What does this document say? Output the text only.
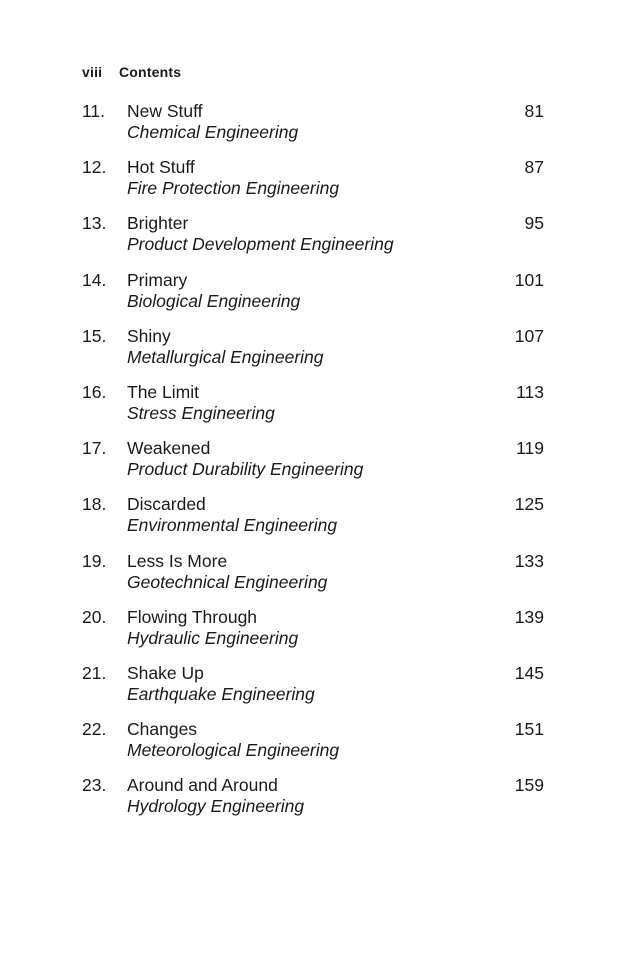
viii Contents
11. New Stuff
Chemical Engineering
81
12. Hot Stuff
Fire Protection Engineering
87
13. Brighter
Product Development Engineering
95
14. Primary
Biological Engineering
101
15. Shiny
Metallurgical Engineering
107
16. The Limit
Stress Engineering
113
17. Weakened
Product Durability Engineering
119
18. Discarded
Environmental Engineering
125
19. Less Is More
Geotechnical Engineering
133
20. Flowing Through
Hydraulic Engineering
139
21. Shake Up
Earthquake Engineering
145
22. Changes
Meteorological Engineering
151
23. Around and Around
Hydrology Engineering
159
